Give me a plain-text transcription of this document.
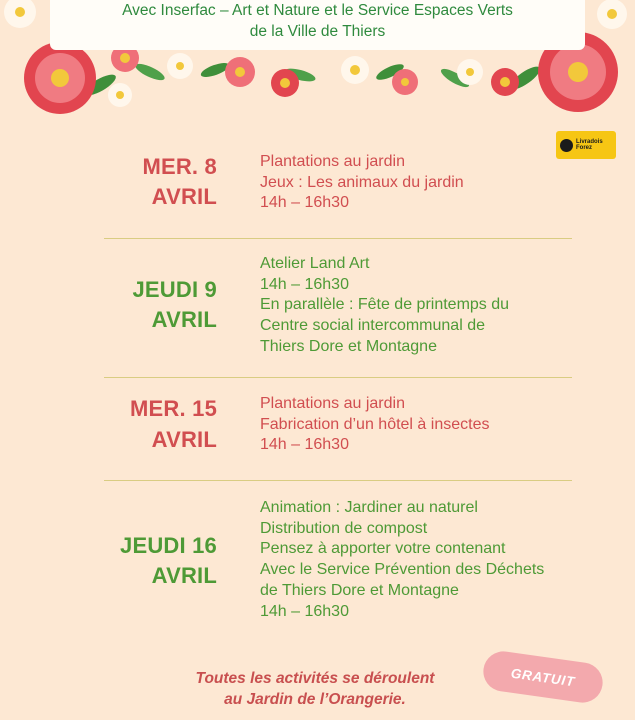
Avec Inserfac – Art et Nature et le Service Espaces Verts
de la Ville de Thiers
Livradois
Forez
MER. 8
AVRIL
Plantations au jardin
Jeux : Les animaux du jardin
14h – 16h30
JEUDI 9
AVRIL
Atelier Land Art
14h – 16h30
En parallèle : Fête de printemps du
Centre social intercommunal de
Thiers Dore et Montagne
MER. 15
AVRIL
Plantations au jardin
Fabrication d’un hôtel à insectes
14h – 16h30
JEUDI 16
AVRIL
Animation : Jardiner au naturel
Distribution de compost
Pensez à apporter votre contenant
Avec le Service Prévention des Déchets
de Thiers Dore et Montagne
14h – 16h30
Toutes les activités se déroulent
au Jardin de l’Orangerie.
GRATUIT
